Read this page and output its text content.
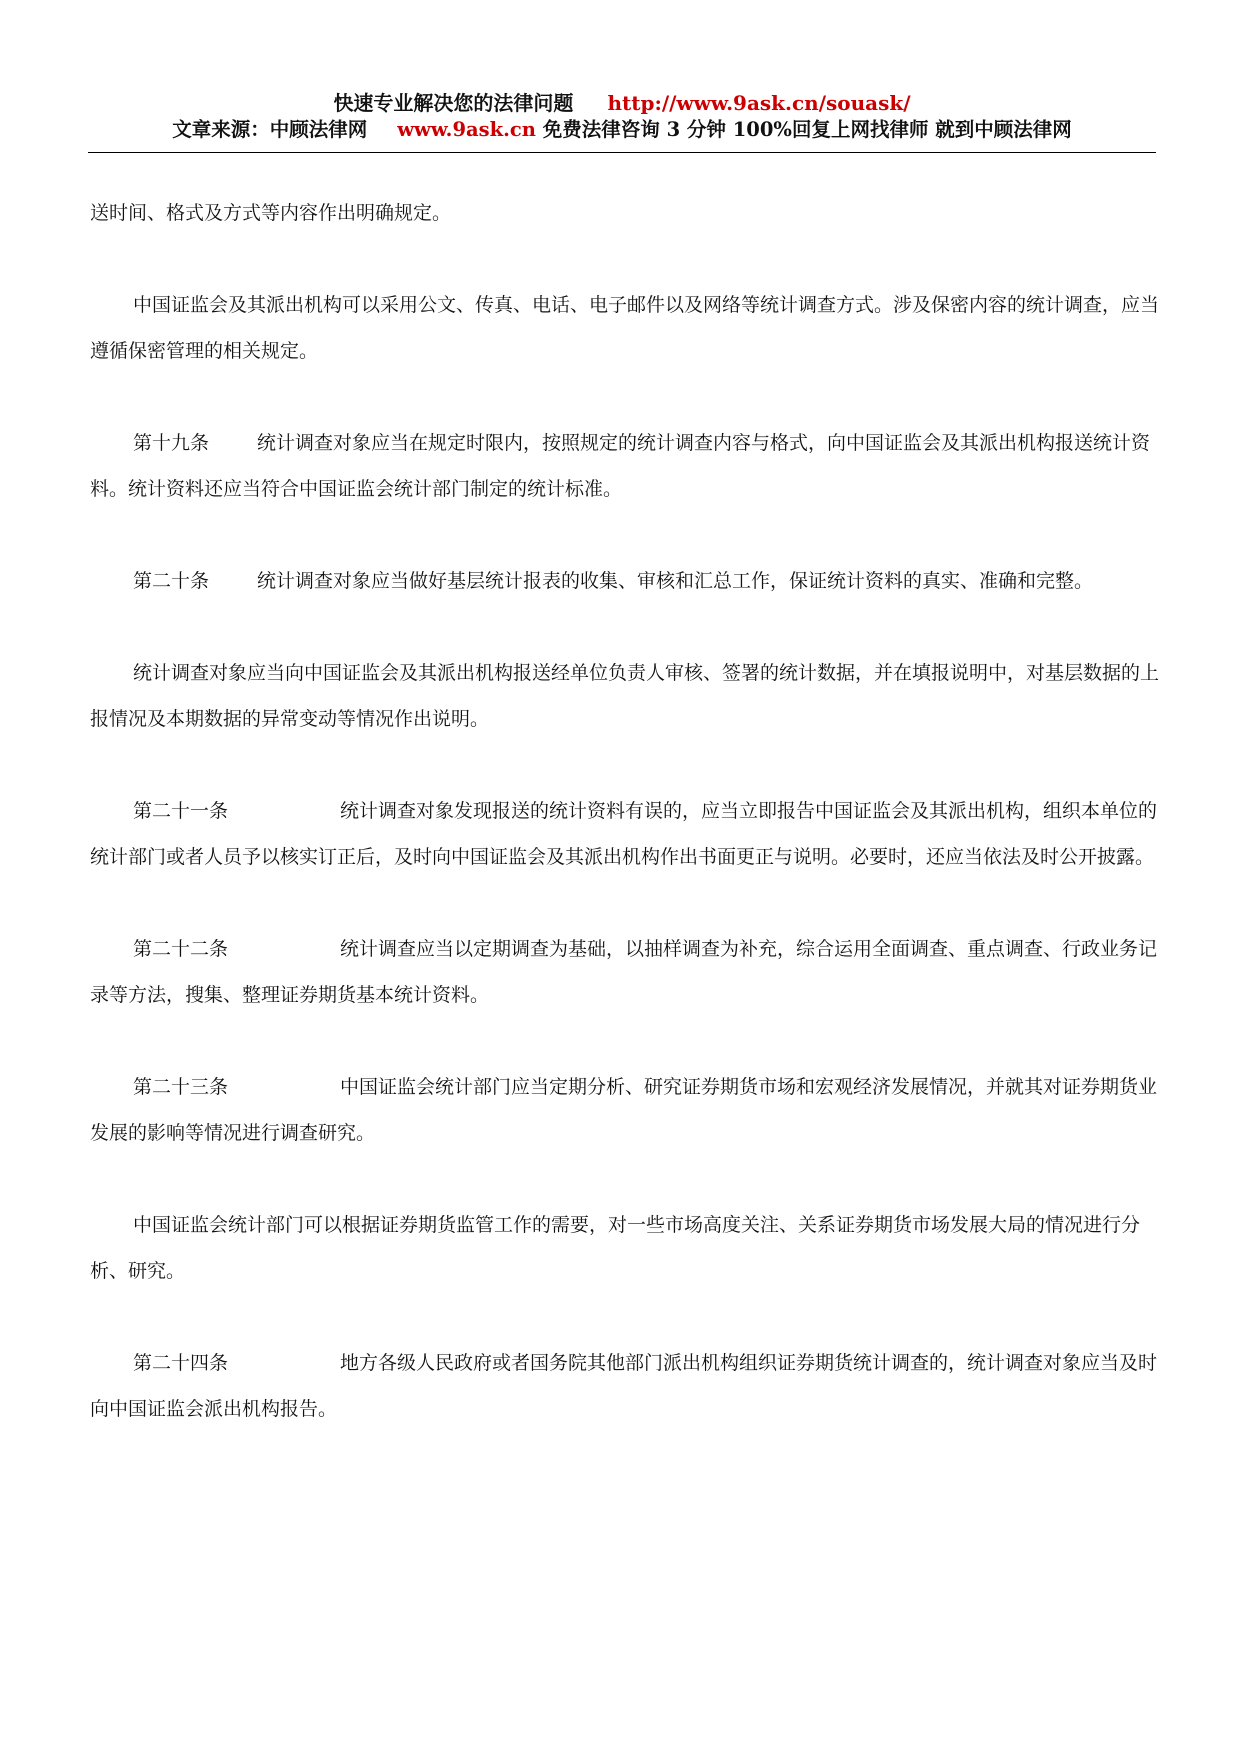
快速专业解决您的法律问题 http://www.9ask.cn/souask/
文章来源：中顾法律网 www.9ask.cn 免费法律咨询 3 分钟 100%回复上网找律师 就到中顾法律网

送时间、格式及方式等内容作出明确规定。

中国证监会及其派出机构可以采用公文、传真、电话、电子邮件以及网络等统计调查方式。涉及保密内容的统计调查，应当遵循保密管理的相关规定。

第十九条	统计调查对象应当在规定时限内，按照规定的统计调查内容与格式，向中国证监会及其派出机构报送统计资料。统计资料还应当符合中国证监会统计部门制定的统计标准。

第二十条	统计调查对象应当做好基层统计报表的收集、审核和汇总工作，保证统计资料的真实、准确和完整。

统计调查对象应当向中国证监会及其派出机构报送经单位负责人审核、签署的统计数据，并在填报说明中，对基层数据的上报情况及本期数据的异常变动等情况作出说明。

第二十一条	统计调查对象发现报送的统计资料有误的，应当立即报告中国证监会及其派出机构，组织本单位的统计部门或者人员予以核实订正后，及时向中国证监会及其派出机构作出书面更正与说明。必要时，还应当依法及时公开披露。

第二十二条	统计调查应当以定期调查为基础，以抽样调查为补充，综合运用全面调查、重点调查、行政业务记录等方法，搜集、整理证券期货基本统计资料。

第二十三条	中国证监会统计部门应当定期分析、研究证券期货市场和宏观经济发展情况，并就其对证券期货业发展的影响等情况进行调查研究。

中国证监会统计部门可以根据证券期货监管工作的需要，对一些市场高度关注、关系证券期货市场发展大局的情况进行分析、研究。

第二十四条	地方各级人民政府或者国务院其他部门派出机构组织证券期货统计调查的，统计调查对象应当及时向中国证监会派出机构报告。
